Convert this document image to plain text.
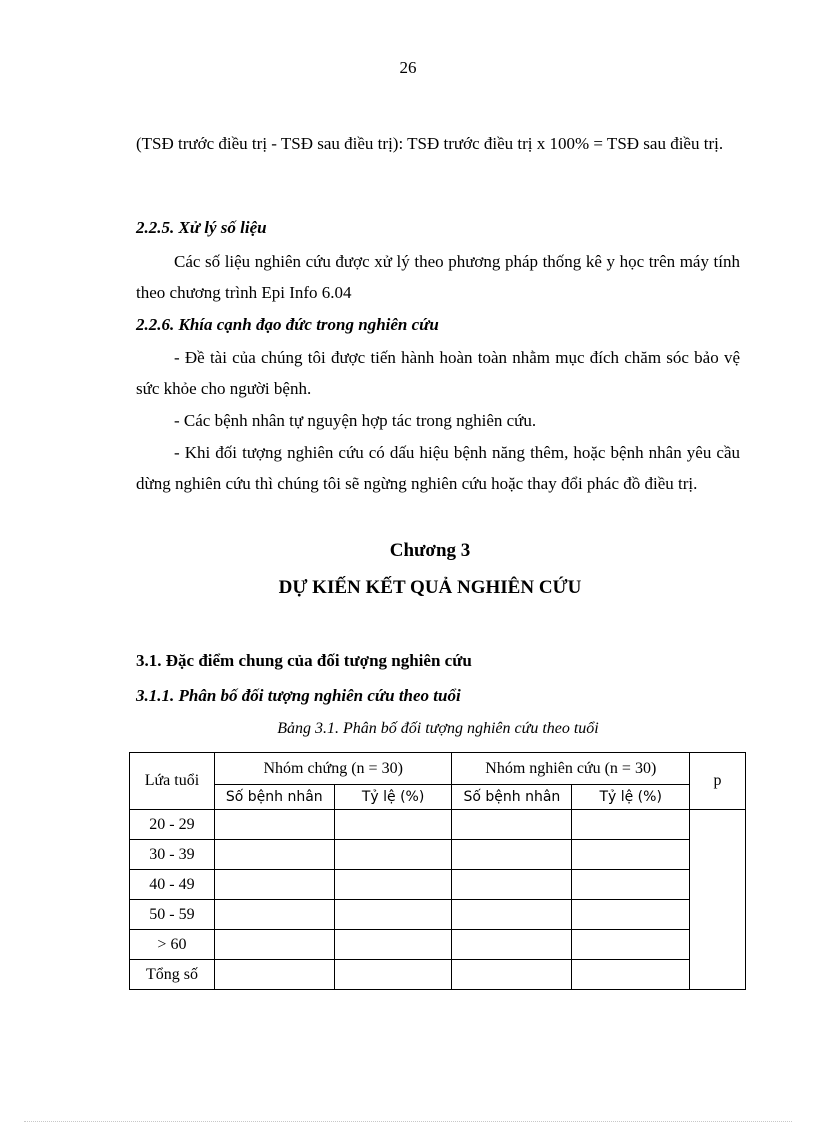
26
(TSĐ trước điều trị - TSĐ sau điều trị): TSĐ trước điều trị x 100% = TSĐ sau điều trị.
2.2.5. Xử lý số liệu
Các số liệu nghiên cứu được xử lý theo phương pháp thống kê y học trên máy tính theo chương trình Epi Info 6.04
2.2.6. Khía cạnh đạo đức trong nghiên cứu
- Đề tài của chúng tôi được tiến hành hoàn toàn nhằm mục đích chăm sóc bảo vệ sức khỏe cho người bệnh.
- Các bệnh nhân tự nguyện hợp tác trong nghiên cứu.
- Khi đối tượng nghiên cứu có dấu hiệu bệnh năng thêm, hoặc bệnh nhân yêu cầu dừng nghiên cứu thì chúng tôi sẽ ngừng nghiên cứu hoặc thay đổi phác đồ điều trị.
Chương 3
DỰ KIẾN KẾT QUẢ NGHIÊN CỨU
3.1. Đặc điểm chung của đối tượng nghiên cứu
3.1.1. Phân bố đối tượng nghiên cứu theo tuổi
Bảng 3.1. Phân bố đối tượng nghiên cứu theo tuổi
Lứa tuổi	Nhóm chứng (n = 30)		Nhóm nghiên cứu (n = 30)		p
	Số bệnh nhân	Tỷ lệ (%)	Số bệnh nhân	Tỷ lệ (%)	
20 - 29					
30 - 39					
40 - 49					
50 - 59					
> 60					
Tổng số					
